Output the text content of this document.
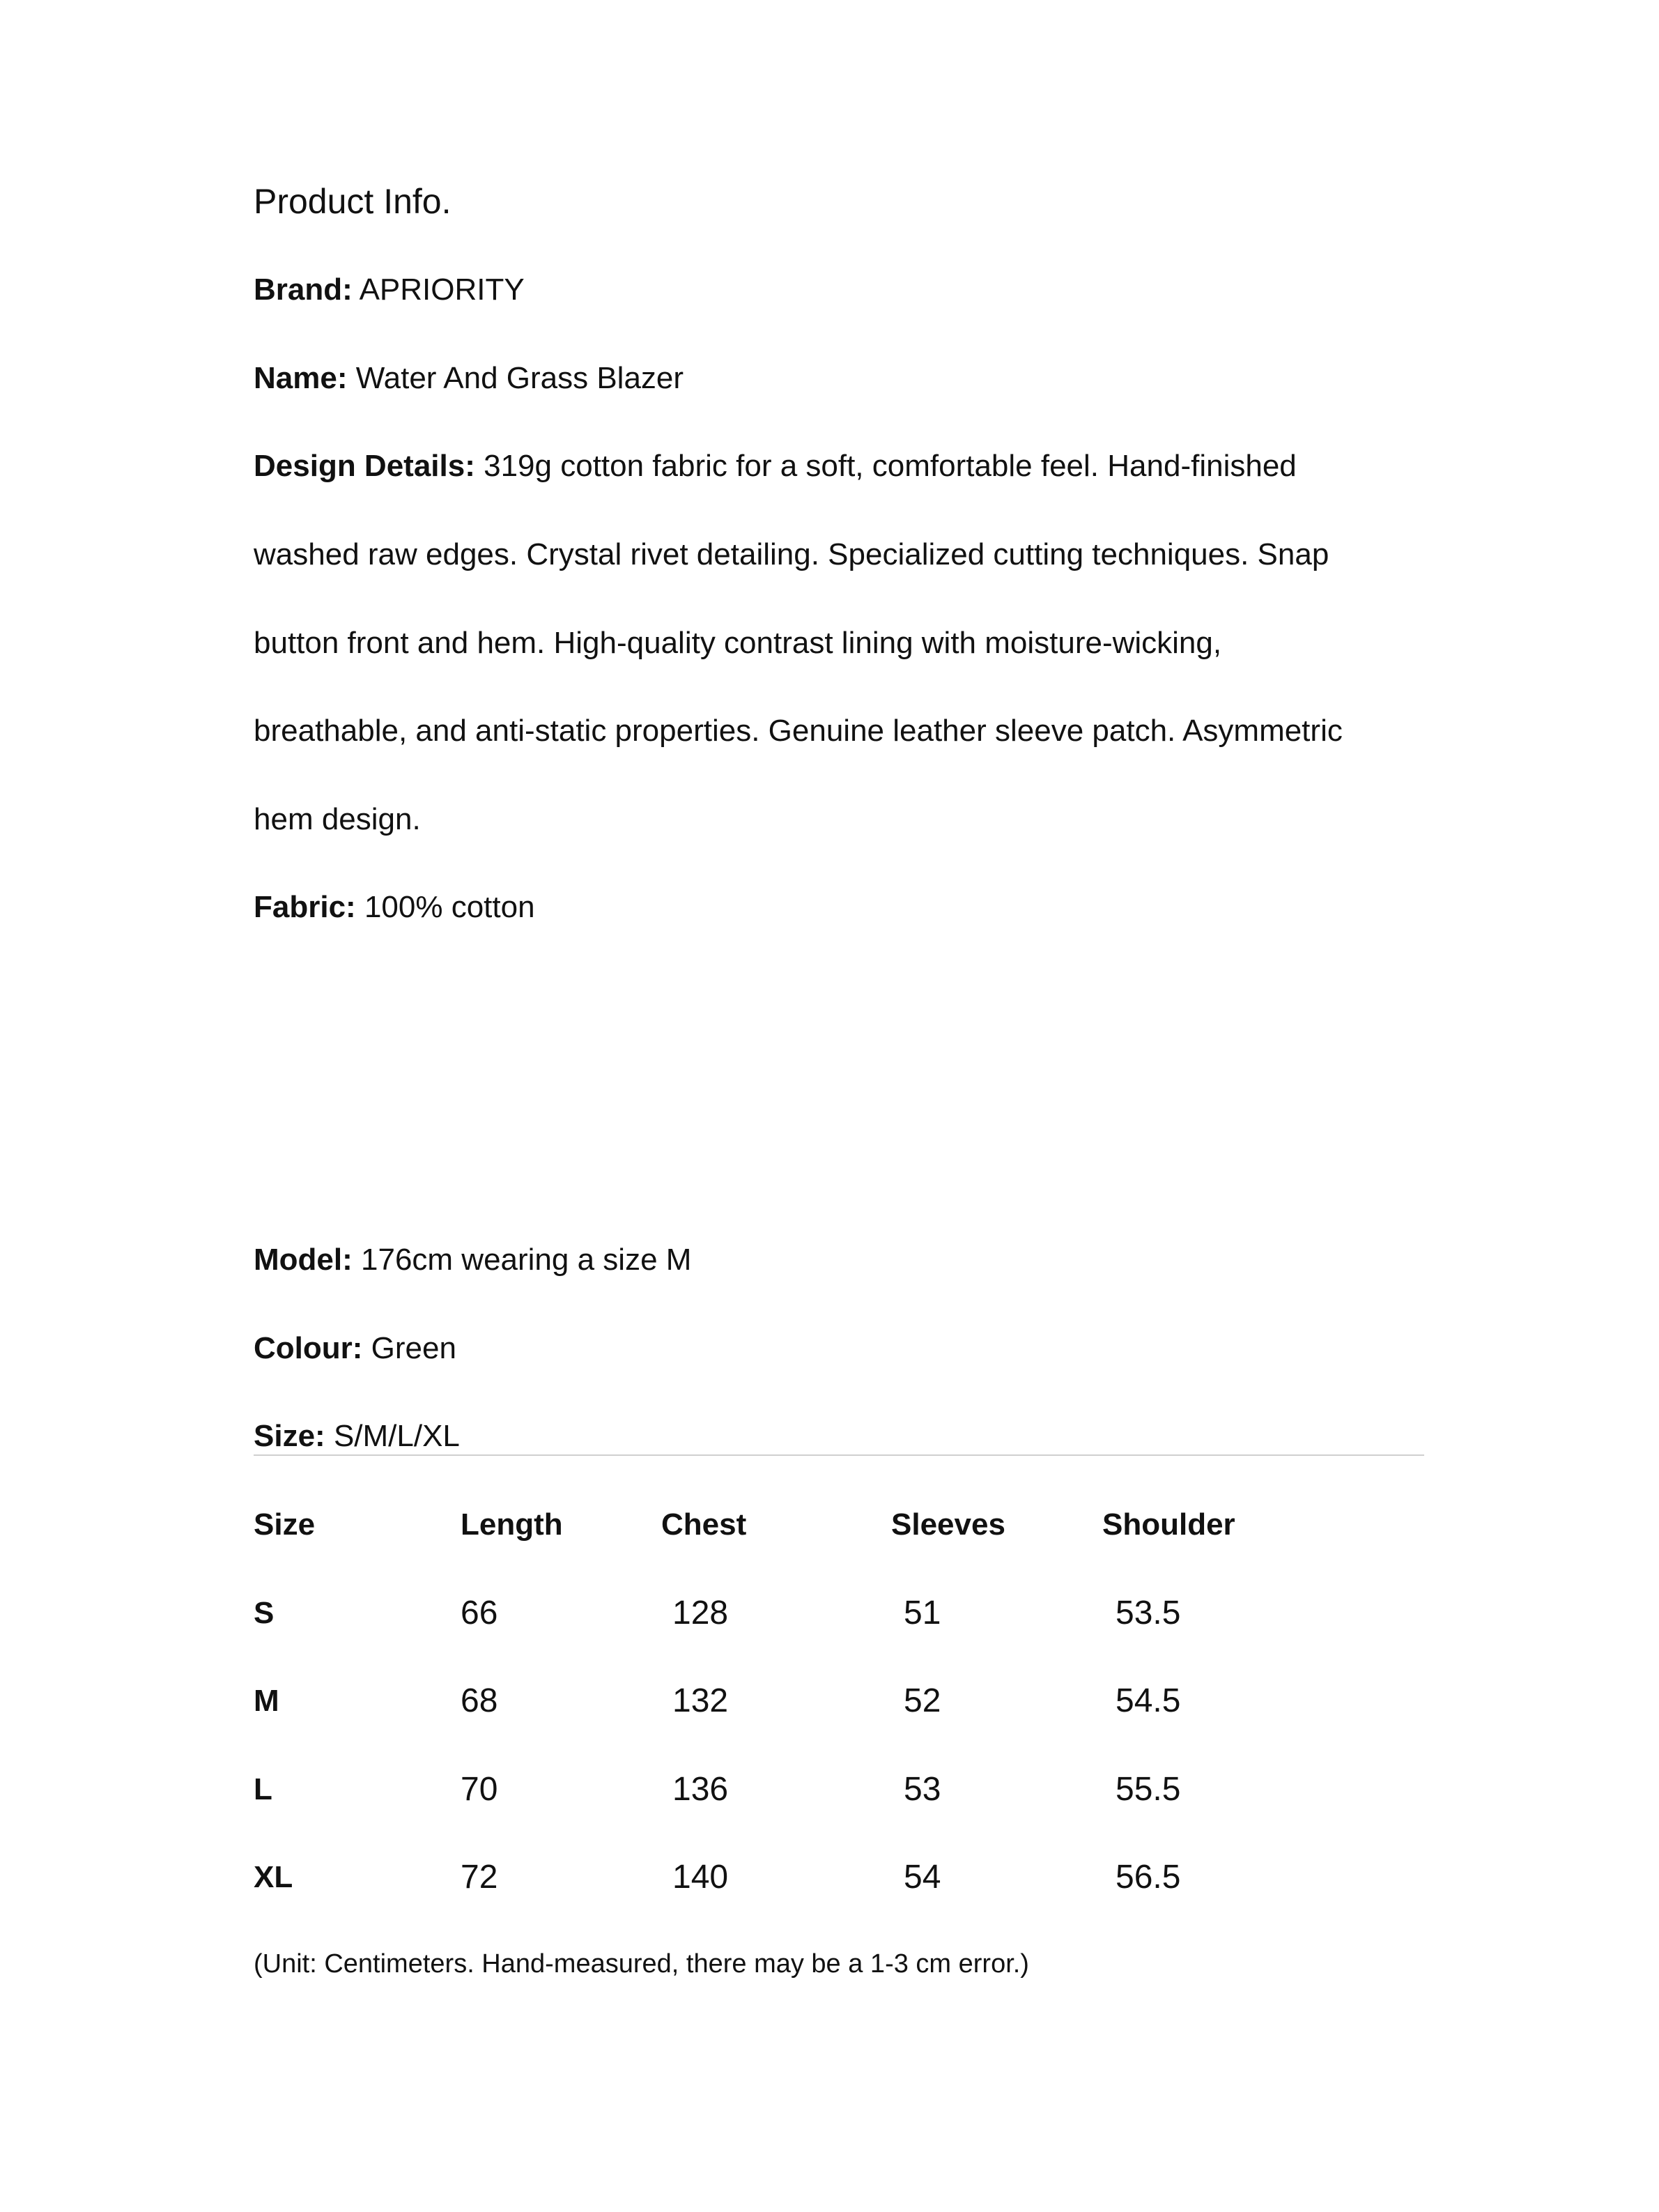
Product Info.
Brand: APRIORITY
Name: Water And Grass Blazer
Design Details: 319g cotton fabric for a soft, comfortable feel. Hand-finished
washed raw edges. Crystal rivet detailing. Specialized cutting techniques. Snap
button front and hem. High-quality contrast lining with moisture-wicking,
breathable, and anti-static properties. Genuine leather sleeve patch. Asymmetric
hem design.
Fabric: 100% cotton
Model: 176cm wearing a size M
Colour: Green
Size: S/M/L/XL
Size	Length	Chest	Sleeves	Shoulder
S	66	128	51	53.5
M	68	132	52	54.5
L	70	136	53	55.5
XL	72	140	54	56.5
(Unit: Centimeters. Hand-measured, there may be a 1-3 cm error.)
